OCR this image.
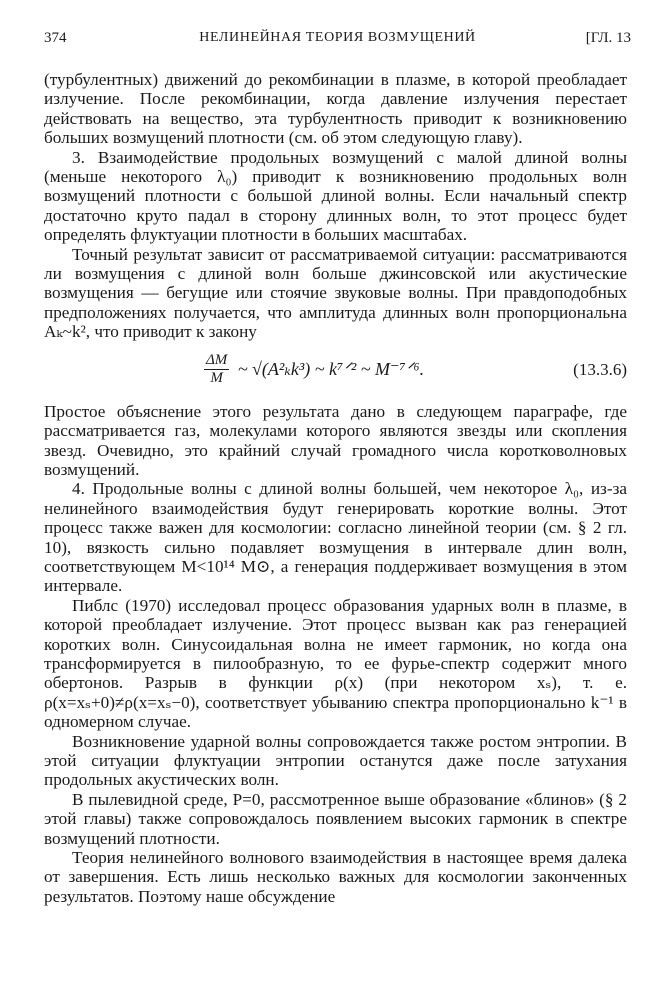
374	НЕЛИНЕЙНАЯ ТЕОРИЯ ВОЗМУЩЕНИЙ	[ГЛ. 13

(турбулентных) движений до рекомбинации в плазме, в которой преобладает излучение. После рекомбинации, когда давление излучения перестает действовать на вещество, эта турбулентность приводит к возникновению больших возмущений плотности (см. об этом следующую главу).

3. Взаимодействие продольных возмущений с малой длиной волны (меньше некоторого λ₀) приводит к возникновению продольных волн возмущений плотности с большой длиной волны. Если начальный спектр достаточно круто падал в сторону длинных волн, то этот процесс будет определять флуктуации плотности в больших масштабах.

Точный результат зависит от рассматриваемой ситуации: рассматриваются ли возмущения с длиной волн больше джинсовской или акустические возмущения — бегущие или стоячие звуковые волны. При правдоподобных предположениях получается, что амплитуда длинных волн пропорциональна Aₖ~k², что приводит к закону

$\frac{\Delta M}{M}$ ~ √(A²ₖk³) ~ k⁷ᐟ² ~ M⁻⁷ᐟ⁶.	(13.3.6)

Простое объяснение этого результата дано в следующем параграфе, где рассматривается газ, молекулами которого являются звезды или скопления звезд. Очевидно, это крайний случай громадного числа коротковолновых возмущений.

4. Продольные волны с длиной волны большей, чем некоторое λ₀, из-за нелинейного взаимодействия будут генерировать короткие волны. Этот процесс также важен для космологии: согласно линейной теории (см. § 2 гл. 10), вязкость сильно подавляет возмущения в интервале длин волн, соответствующем M<10¹⁴ M⊙, а генерация поддерживает возмущения в этом интервале.

Пиблс (1970) исследовал процесс образования ударных волн в плазме, в которой преобладает излучение. Этот процесс вызван как раз генерацией коротких волн. Синусоидальная волна не имеет гармоник, но когда она трансформируется в пилообразную, то ее фурье-спектр содержит много обертонов. Разрыв в функции ρ(x) (при некотором xₛ), т. е. ρ(x=xₛ+0)≠ρ(x=xₛ−0), соответствует убыванию спектра пропорционально k⁻¹ в одномерном случае.

Возникновение ударной волны сопровождается также ростом энтропии. В этой ситуации флуктуации энтропии останутся даже после затухания продольных акустических волн.

В пылевидной среде, P=0, рассмотренное выше образование «блинов» (§ 2 этой главы) также сопровождалось появлением высоких гармоник в спектре возмущений плотности.

Теория нелинейного волнового взаимодействия в настоящее время далека от завершения. Есть лишь несколько важных для космологии законченных результатов. Поэтому наше обсуждение
